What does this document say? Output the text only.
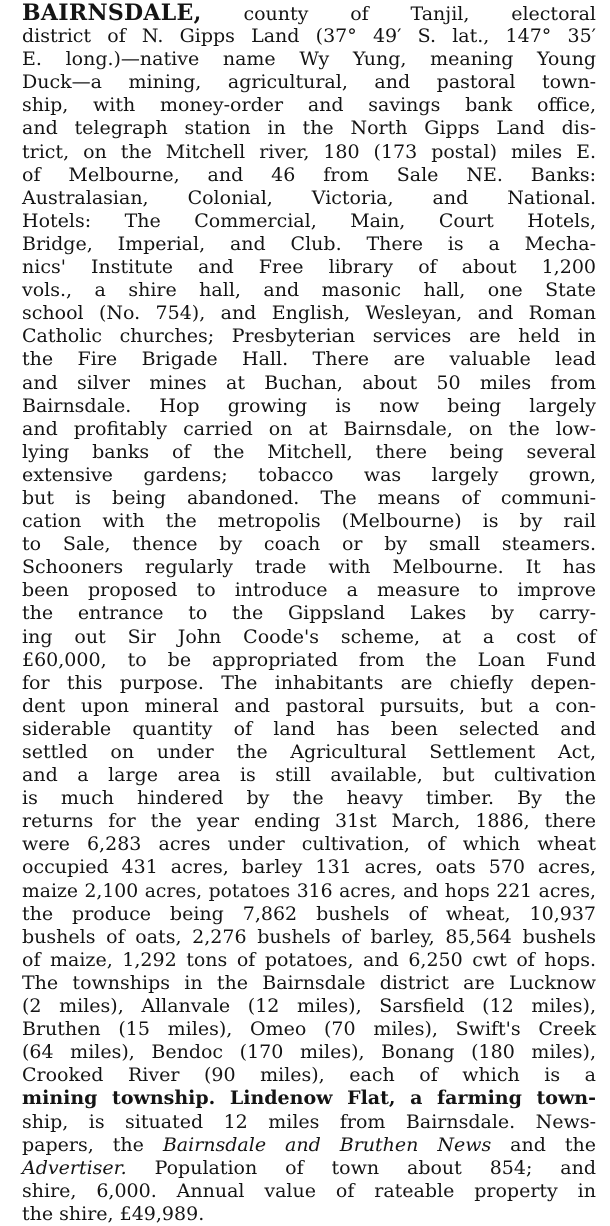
BAIRNSDALE, county of Tanjil, electoral
district of N. Gipps Land (37° 49′ S. lat., 147° 35′
E. long.)—native name Wy Yung, meaning Young
Duck—a mining, agricultural, and pastoral town-
ship, with money-order and savings bank office,
and telegraph station in the North Gipps Land dis-
trict, on the Mitchell river, 180 (173 postal) miles E.
of Melbourne, and 46 from Sale NE. Banks:
Australasian, Colonial, Victoria, and National.
Hotels: The Commercial, Main, Court Hotels,
Bridge, Imperial, and Club. There is a Mecha-
nics' Institute and Free library of about 1,200
vols., a shire hall, and masonic hall, one State
school (No. 754), and English, Wesleyan, and Roman
Catholic churches; Presbyterian services are held in
the Fire Brigade Hall. There are valuable lead
and silver mines at Buchan, about 50 miles from
Bairnsdale. Hop growing is now being largely
and profitably carried on at Bairnsdale, on the low-
lying banks of the Mitchell, there being several
extensive gardens; tobacco was largely grown,
but is being abandoned. The means of communi-
cation with the metropolis (Melbourne) is by rail
to Sale, thence by coach or by small steamers.
Schooners regularly trade with Melbourne. It has
been proposed to introduce a measure to improve
the entrance to the Gippsland Lakes by carry-
ing out Sir John Coode's scheme, at a cost of
£60,000, to be appropriated from the Loan Fund
for this purpose. The inhabitants are chiefly depen-
dent upon mineral and pastoral pursuits, but a con-
siderable quantity of land has been selected and
settled on under the Agricultural Settlement Act,
and a large area is still available, but cultivation
is much hindered by the heavy timber. By the
returns for the year ending 31st March, 1886, there
were 6,283 acres under cultivation, of which wheat
occupied 431 acres, barley 131 acres, oats 570 acres,
maize 2,100 acres, potatoes 316 acres, and hops 221 acres,
the produce being 7,862 bushels of wheat, 10,937
bushels of oats, 2,276 bushels of barley, 85,564 bushels
of maize, 1,292 tons of potatoes, and 6,250 cwt of hops.
The townships in the Bairnsdale district are Lucknow
(2 miles), Allanvale (12 miles), Sarsfield (12 miles),
Bruthen (15 miles), Omeo (70 miles), Swift's Creek
(64 miles), Bendoc (170 miles), Bonang (180 miles),
Crooked River (90 miles), each of which is a
mining township. Lindenow Flat, a farming town-
ship, is situated 12 miles from Bairnsdale. News-
papers, the Bairnsdale and Bruthen News and the
Advertiser. Population of town about 854; and
shire, 6,000. Annual value of rateable property in
the shire, £49,989.
